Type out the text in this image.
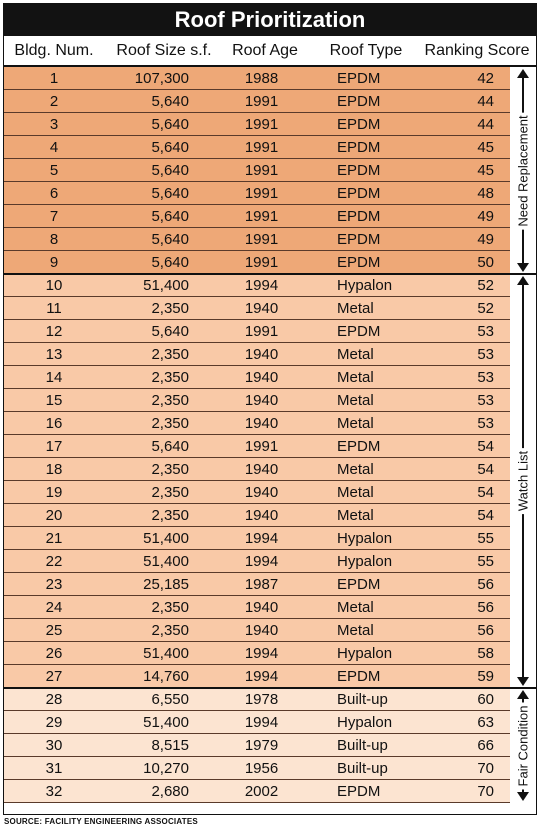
Roof Prioritization
Bldg. Num.	Roof Size s.f.	Roof Age	Roof Type	Ranking Score
1	107,300	1988	EPDM	42
2	5,640	1991	EPDM	44
3	5,640	1991	EPDM	44
4	5,640	1991	EPDM	45
5	5,640	1991	EPDM	45
6	5,640	1991	EPDM	48
7	5,640	1991	EPDM	49
8	5,640	1991	EPDM	49
9	5,640	1991	EPDM	50
10	51,400	1994	Hypalon	52
11	2,350	1940	Metal	52
12	5,640	1991	EPDM	53
13	2,350	1940	Metal	53
14	2,350	1940	Metal	53
15	2,350	1940	Metal	53
16	2,350	1940	Metal	53
17	5,640	1991	EPDM	54
18	2,350	1940	Metal	54
19	2,350	1940	Metal	54
20	2,350	1940	Metal	54
21	51,400	1994	Hypalon	55
22	51,400	1994	Hypalon	55
23	25,185	1987	EPDM	56
24	2,350	1940	Metal	56
25	2,350	1940	Metal	56
26	51,400	1994	Hypalon	58
27	14,760	1994	EPDM	59
28	6,550	1978	Built-up	60
29	51,400	1994	Hypalon	63
30	8,515	1979	Built-up	66
31	10,270	1956	Built-up	70
32	2,680	2002	EPDM	70
Need Replacement
Watch List
Fair Condition
SOURCE: FACILITY ENGINEERING ASSOCIATES
